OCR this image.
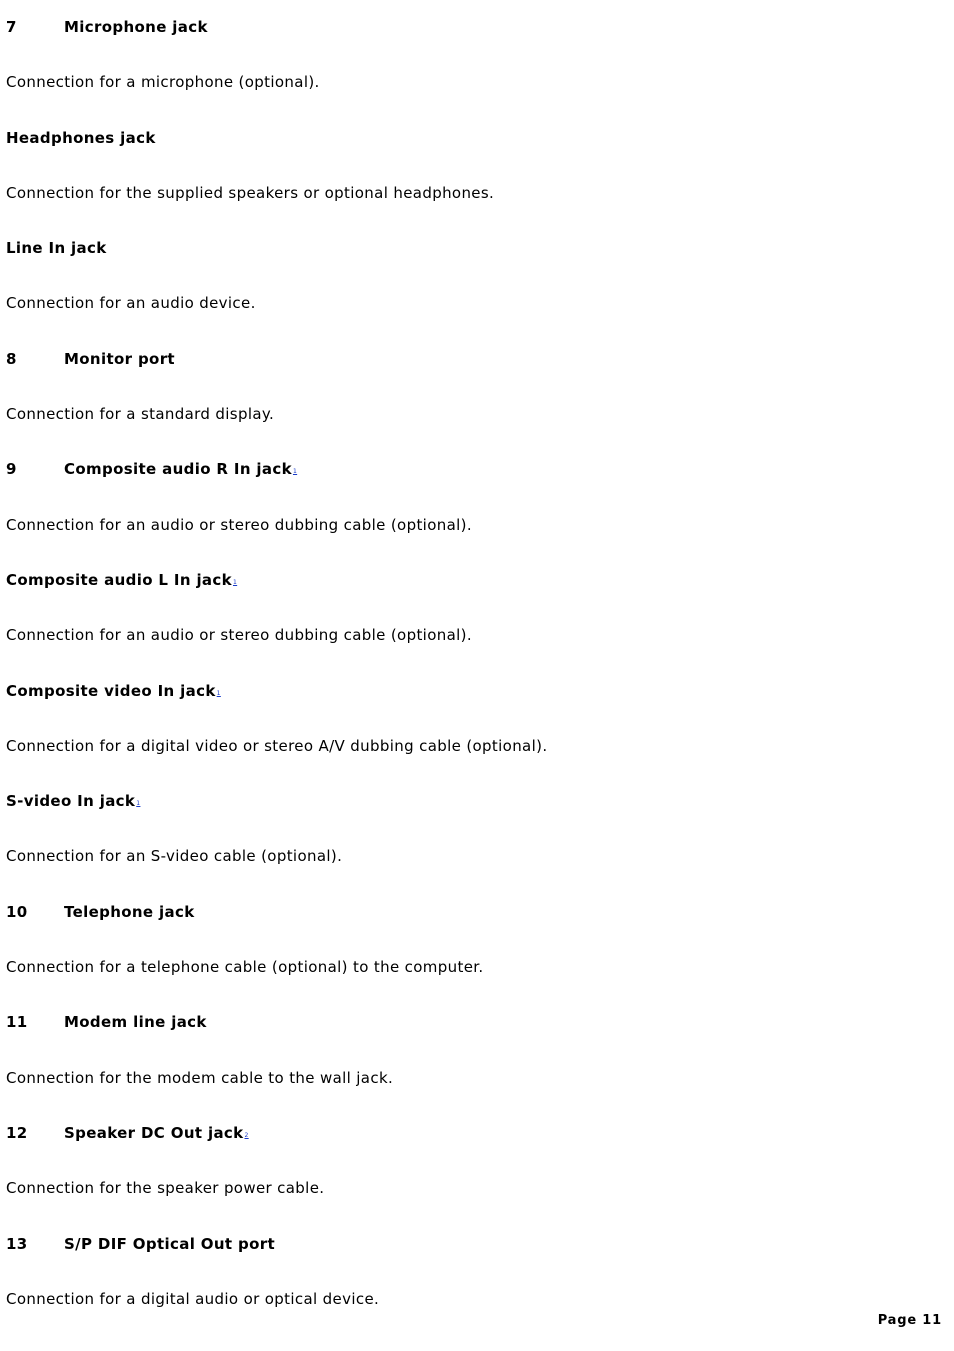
7	Microphone jack
Connection for a microphone (optional).
Headphones jack
Connection for the supplied speakers or optional headphones.
Line In jack
Connection for an audio device.
8	Monitor port
Connection for a standard display.
9	Composite audio R In jack1
Connection for an audio or stereo dubbing cable (optional).
Composite audio L In jack1
Connection for an audio or stereo dubbing cable (optional).
Composite video In jack1
Connection for a digital video or stereo A/V dubbing cable (optional).
S-video In jack1
Connection for an S-video cable (optional).
10 Telephone jack
Connection for a telephone cable (optional) to the computer.
11 Modem line jack
Connection for the modem cable to the wall jack.
12 Speaker DC Out jack2
Connection for the speaker power cable.
13 S/P DIF Optical Out port
Connection for a digital audio or optical device.
Page 11
